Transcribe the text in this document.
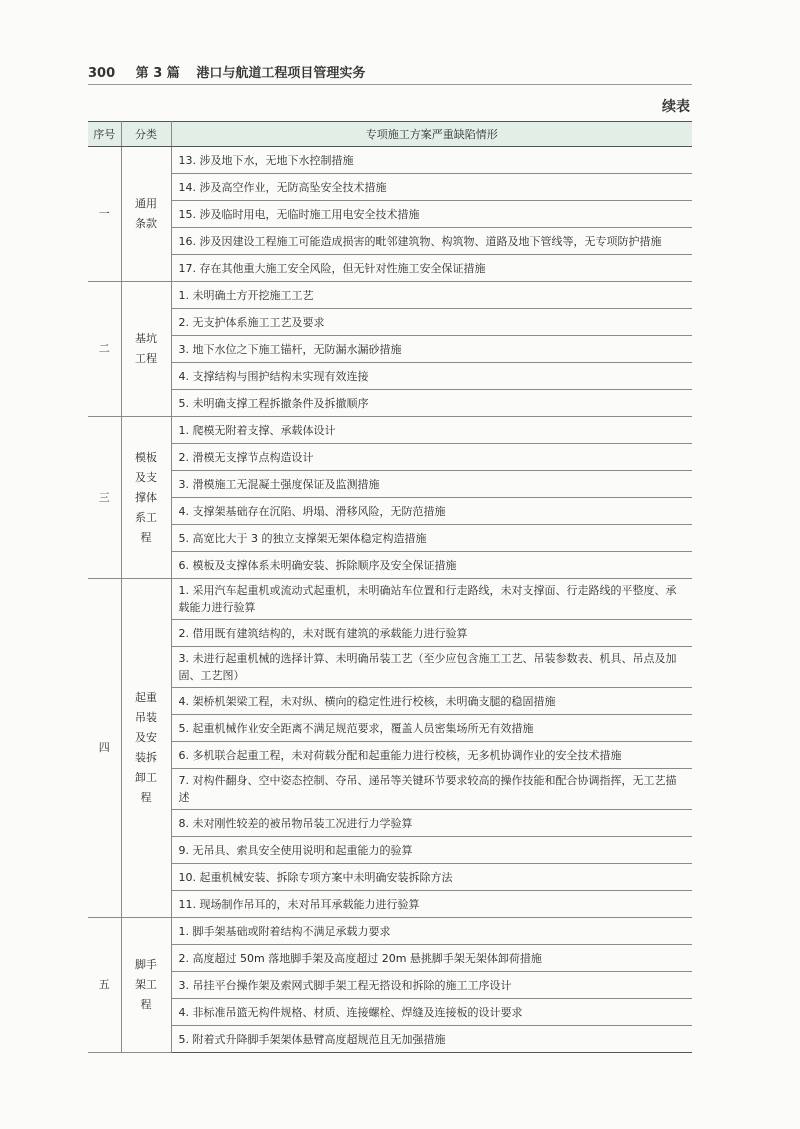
300 第 3 篇 港口与航道工程项目管理实务
续表
序号	分类	专项施工方案严重缺陷情形
一	通用条款	13. 涉及地下水，无地下水控制措施
		14. 涉及高空作业，无防高坠安全技术措施
		15. 涉及临时用电，无临时施工用电安全技术措施
		16. 涉及因建设工程施工可能造成损害的毗邻建筑物、构筑物、道路及地下管线等，无专项防护措施
		17. 存在其他重大施工安全风险，但无针对性施工安全保证措施
二	基坑工程	1. 未明确土方开挖施工工艺
		2. 无支护体系施工工艺及要求
		3. 地下水位之下施工锚杆，无防漏水漏砂措施
		4. 支撑结构与围护结构未实现有效连接
		5. 未明确支撑工程拆撤条件及拆撤顺序
三	模板及支撑体系工程	1. 爬模无附着支撑、承载体设计
		2. 滑模无支撑节点构造设计
		3. 滑模施工无混凝土强度保证及监测措施
		4. 支撑架基础存在沉陷、坍塌、滑移风险，无防范措施
		5. 高宽比大于 3 的独立支撑架无架体稳定构造措施
		6. 模板及支撑体系未明确安装、拆除顺序及安全保证措施
四	起重吊装及安装拆卸工程	1. 采用汽车起重机或流动式起重机，未明确站车位置和行走路线，未对支撑面、行走路线的平整度、承载能力进行验算
		2. 借用既有建筑结构的，未对既有建筑的承载能力进行验算
		3. 未进行起重机械的选择计算、未明确吊装工艺（至少应包含施工工艺、吊装参数表、机具、吊点及加固、工艺图）
		4. 架桥机架梁工程，未对纵、横向的稳定性进行校核，未明确支腿的稳固措施
		5. 起重机械作业安全距离不满足规范要求，覆盖人员密集场所无有效措施
		6. 多机联合起重工程，未对荷载分配和起重能力进行校核，无多机协调作业的安全技术措施
		7. 对构件翻身、空中姿态控制、夺吊、递吊等关键环节要求较高的操作技能和配合协调指挥，无工艺描述
		8. 未对刚性较差的被吊物吊装工况进行力学验算
		9. 无吊具、索具安全使用说明和起重能力的验算
		10. 起重机械安装、拆除专项方案中未明确安装拆除方法
		11. 现场制作吊耳的，未对吊耳承载能力进行验算
五	脚手架工程	1. 脚手架基础或附着结构不满足承载力要求
		2. 高度超过 50m 落地脚手架及高度超过 20m 悬挑脚手架无架体卸荷措施
		3. 吊挂平台操作架及索网式脚手架工程无搭设和拆除的施工工序设计
		4. 非标准吊篮无构件规格、材质、连接螺栓、焊缝及连接板的设计要求
		5. 附着式升降脚手架架体悬臂高度超规范且无加强措施
